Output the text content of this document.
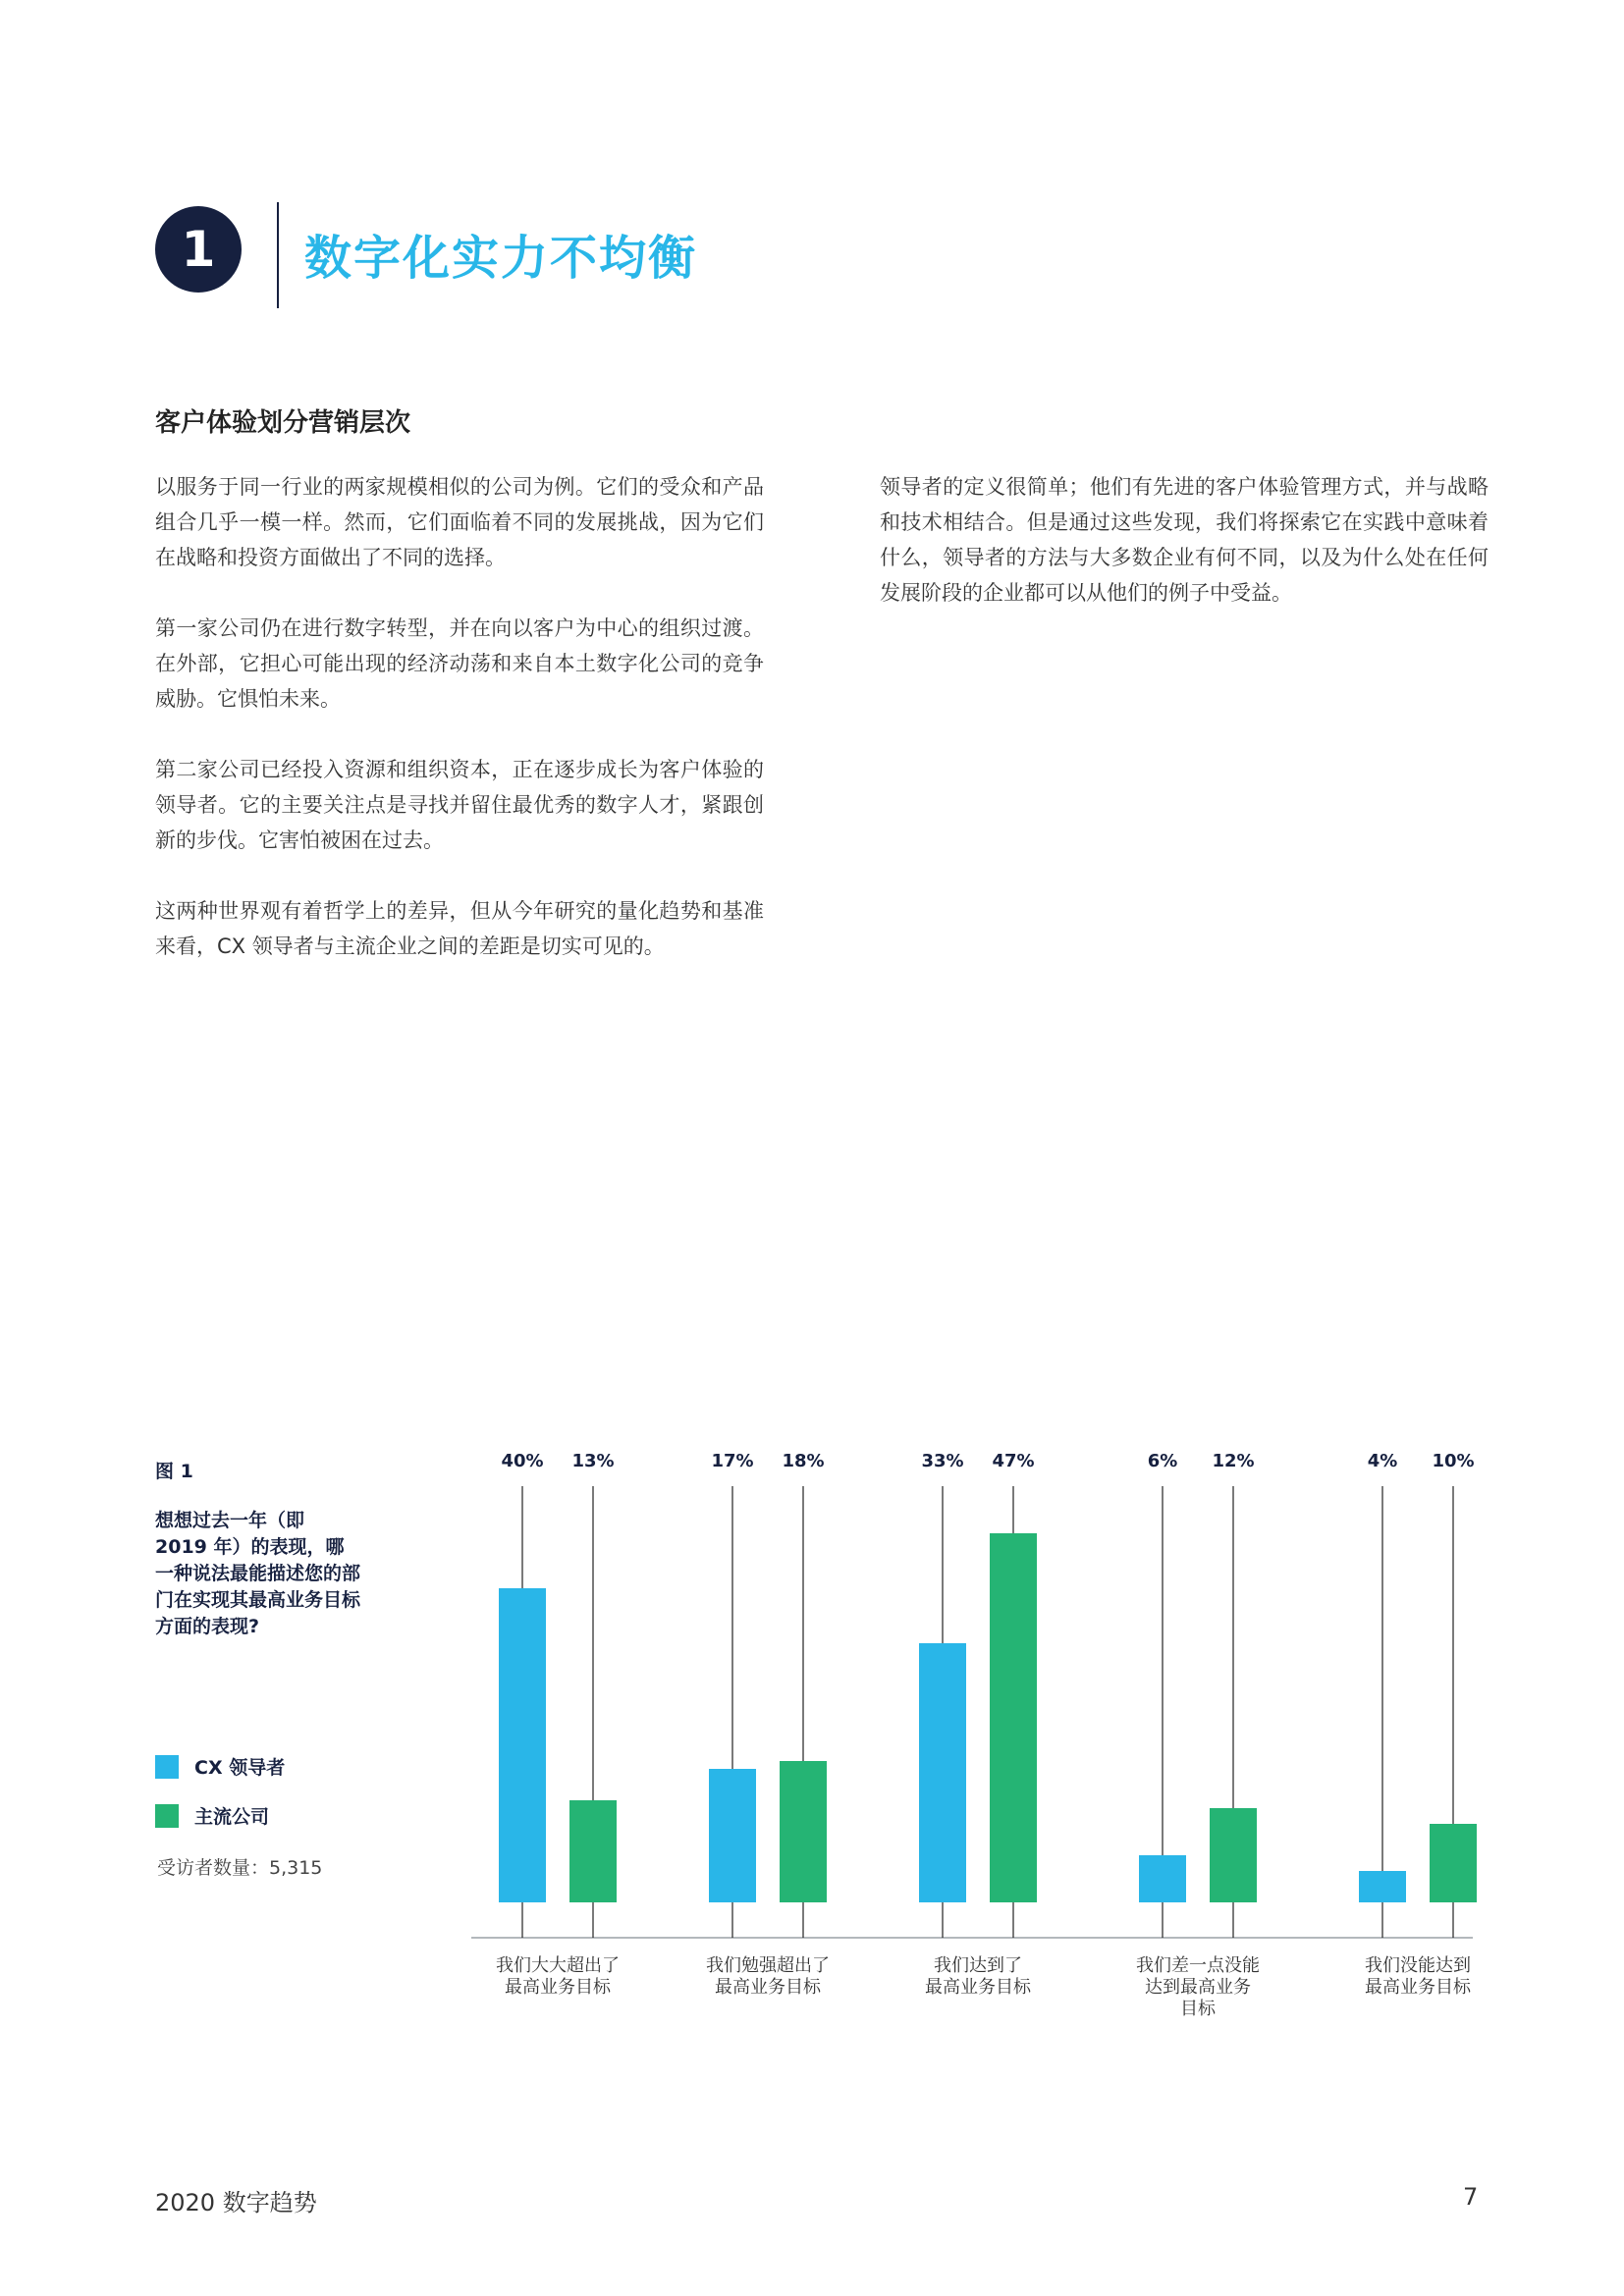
1	数字化实力不均衡
客户体验划分营销层次

以服务于同一行业的两家规模相似的公司为例。它们的受众和产品组合几乎一模一样。然而，它们面临着不同的发展挑战，因为它们在战略和投资方面做出了不同的选择。

第一家公司仍在进行数字转型，并在向以客户为中心的组织过渡。在外部，它担心可能出现的经济动荡和来自本土数字化公司的竞争威胁。它惧怕未来。

第二家公司已经投入资源和组织资本，正在逐步成长为客户体验的领导者。它的主要关注点是寻找并留住最优秀的数字人才，紧跟创新的步伐。它害怕被困在过去。

这两种世界观有着哲学上的差异，但从今年研究的量化趋势和基准来看，CX 领导者与主流企业之间的差距是切实可见的。

领导者的定义很简单；他们有先进的客户体验管理方式，并与战略和技术相结合。但是通过这些发现，我们将探索它在实践中意味着什么，领导者的方法与大多数企业有何不同，以及为什么处在任何发展阶段的企业都可以从他们的例子中受益。

图 1
想想过去一年（即 2019 年）的表现，哪一种说法最能描述您的部门在实现其最高业务目标方面的表现?
CX 领导者
主流公司
受访者数量：5,315
40% 13%
我们大大超出了
最高业务目标
17% 18%
我们勉强超出了
最高业务目标
33% 47%
我们达到了
最高业务目标
6% 12%
我们差一点没能
达到最高业务
目标
4% 10%
我们没能达到
最高业务目标
2020 数字趋势	7
